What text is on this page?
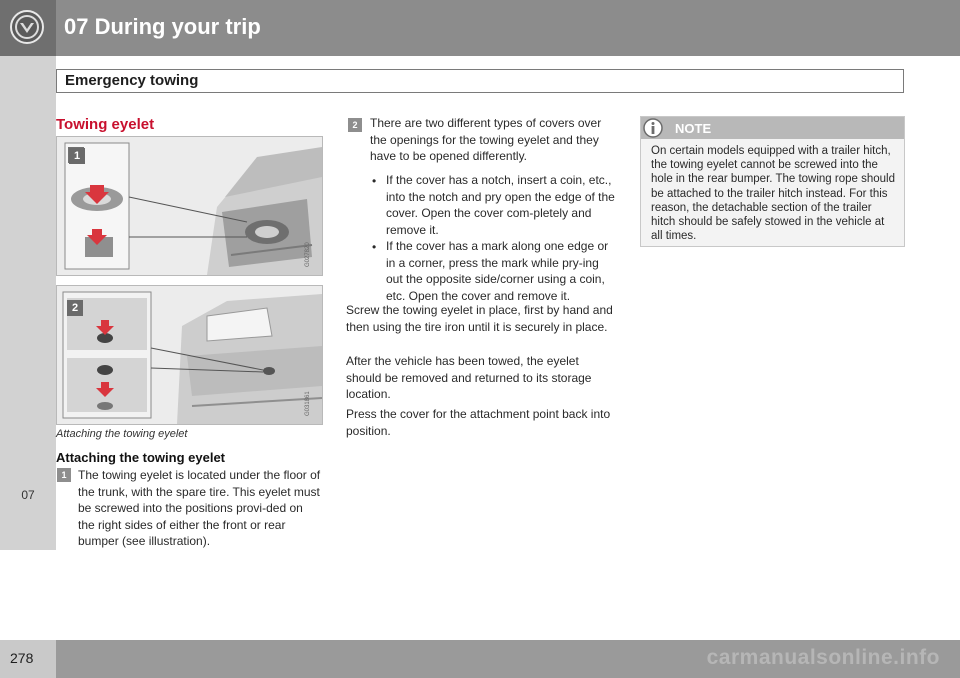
07 During your trip
Emergency towing
07
Towing eyelet
1
G027820
2
G031861
Attaching the towing eyelet
Attaching the towing eyelet
1 The towing eyelet is located under the floor of the trunk, with the spare tire. This eyelet must be screwed into the positions provi-ded on the right sides of either the front or rear bumper (see illustration).
2	There are two different types of covers over the openings for the towing eyelet and they have to be opened differently.
• If the cover has a notch, insert a coin, etc., into the notch and pry open the edge of the cover. Open the cover com-pletely and remove it.
• If the cover has a mark along one edge or in a corner, press the mark while pry-ing out the opposite side/corner using a coin, etc. Open the cover and remove it.
Screw the towing eyelet in place, first by hand and then using the tire iron until it is securely in place.
After the vehicle has been towed, the eyelet should be removed and returned to its storage location.
Press the cover for the attachment point back into position.
NOTE
On certain models equipped with a trailer hitch, the towing eyelet cannot be screwed into the hole in the rear bumper. The towing rope should be attached to the trailer hitch instead. For this reason, the detachable section of the trailer hitch should be safely stowed in the vehicle at all times.
278	carmanualsonline.info
